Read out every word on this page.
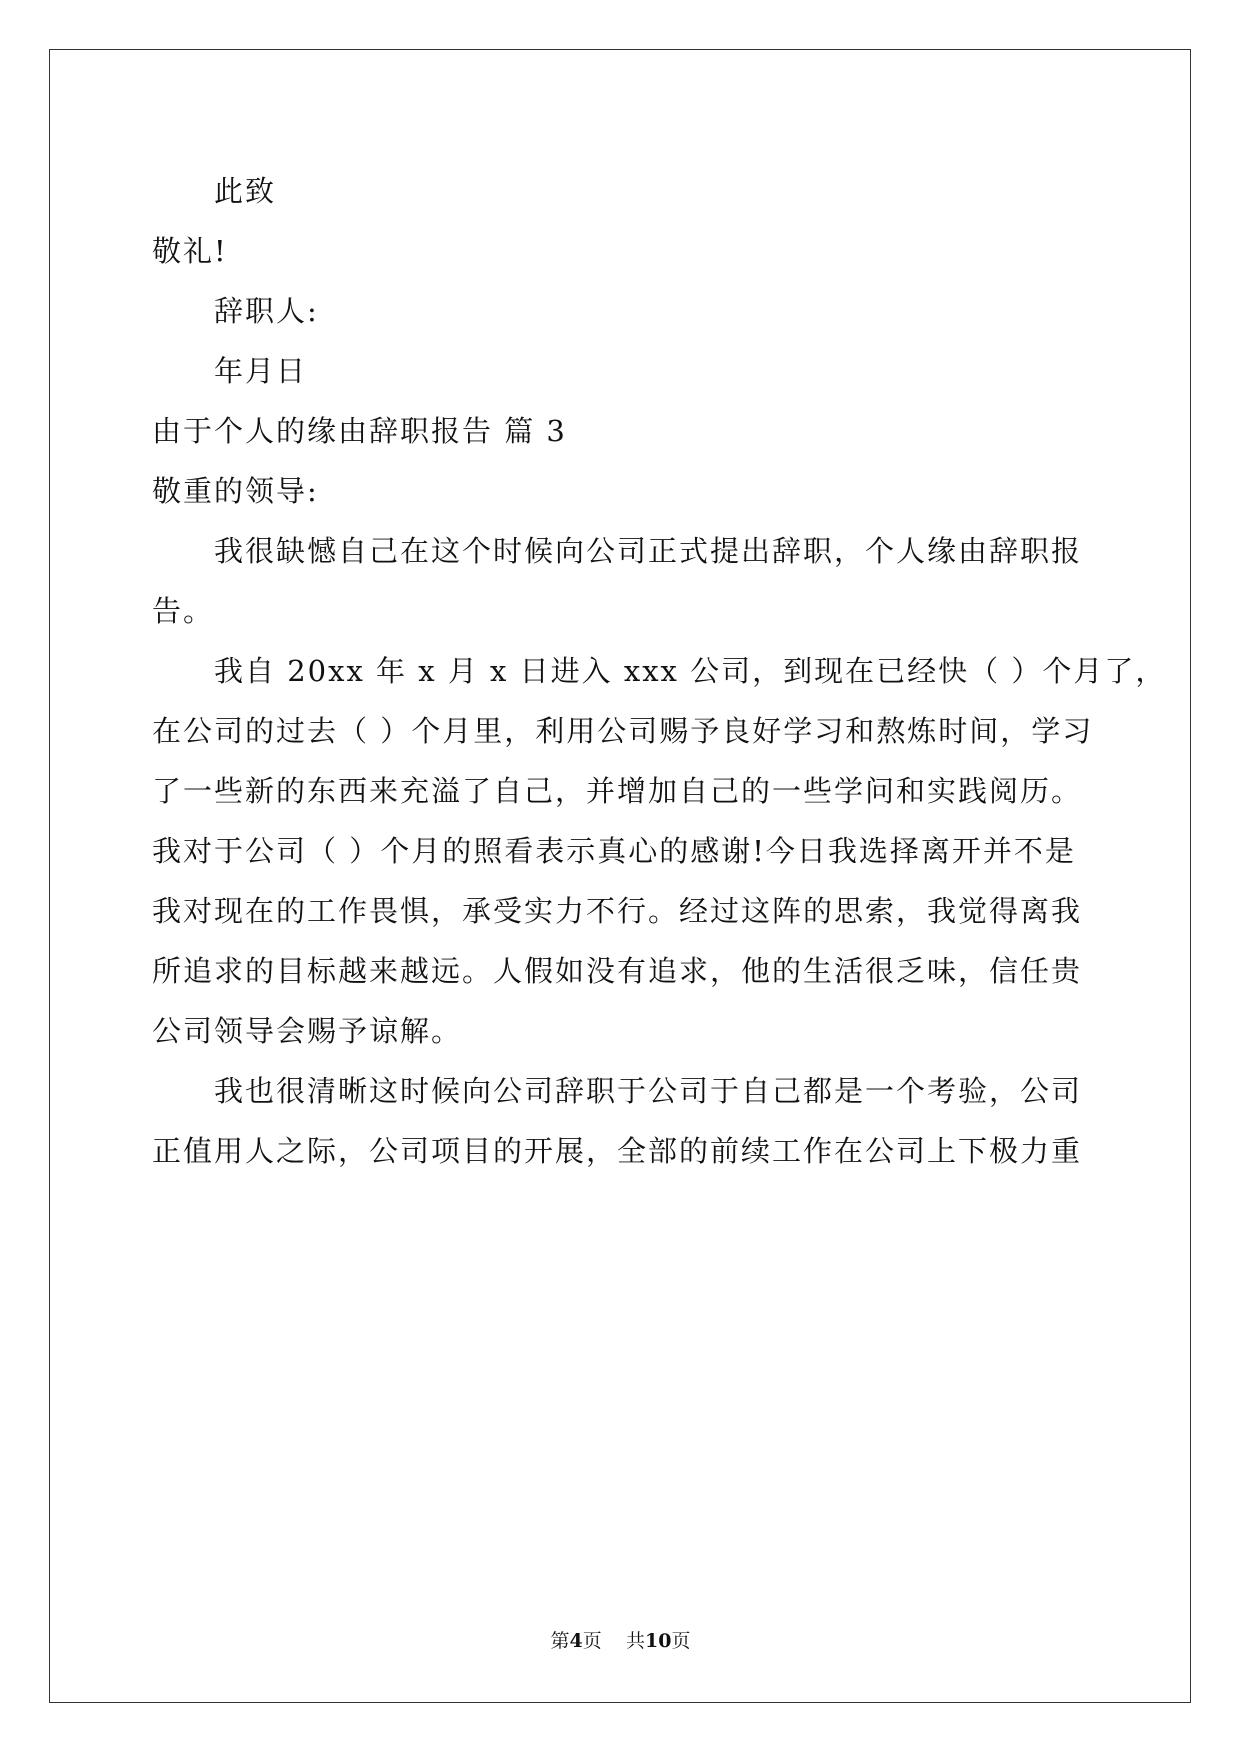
此致
敬礼!
辞职人:
年月日
由于个人的缘由辞职报告 篇 3
敬重的领导:
我很缺憾自己在这个时候向公司正式提出辞职，个人缘由辞职报
告。
我自 20xx 年 x 月 x 日进入 xxx 公司，到现在已经快（ ）个月了，
在公司的过去（ ）个月里，利用公司赐予良好学习和熬炼时间，学习
了一些新的东西来充溢了自己，并增加自己的一些学问和实践阅历。
我对于公司（ ）个月的照看表示真心的感谢!今日我选择离开并不是
我对现在的工作畏惧，承受实力不行。经过这阵的思索，我觉得离我
所追求的目标越来越远。人假如没有追求，他的生活很乏味，信任贵
公司领导会赐予谅解。
我也很清晰这时候向公司辞职于公司于自己都是一个考验，公司
正值用人之际，公司项目的开展，全部的前续工作在公司上下极力重
第4页 共10页
